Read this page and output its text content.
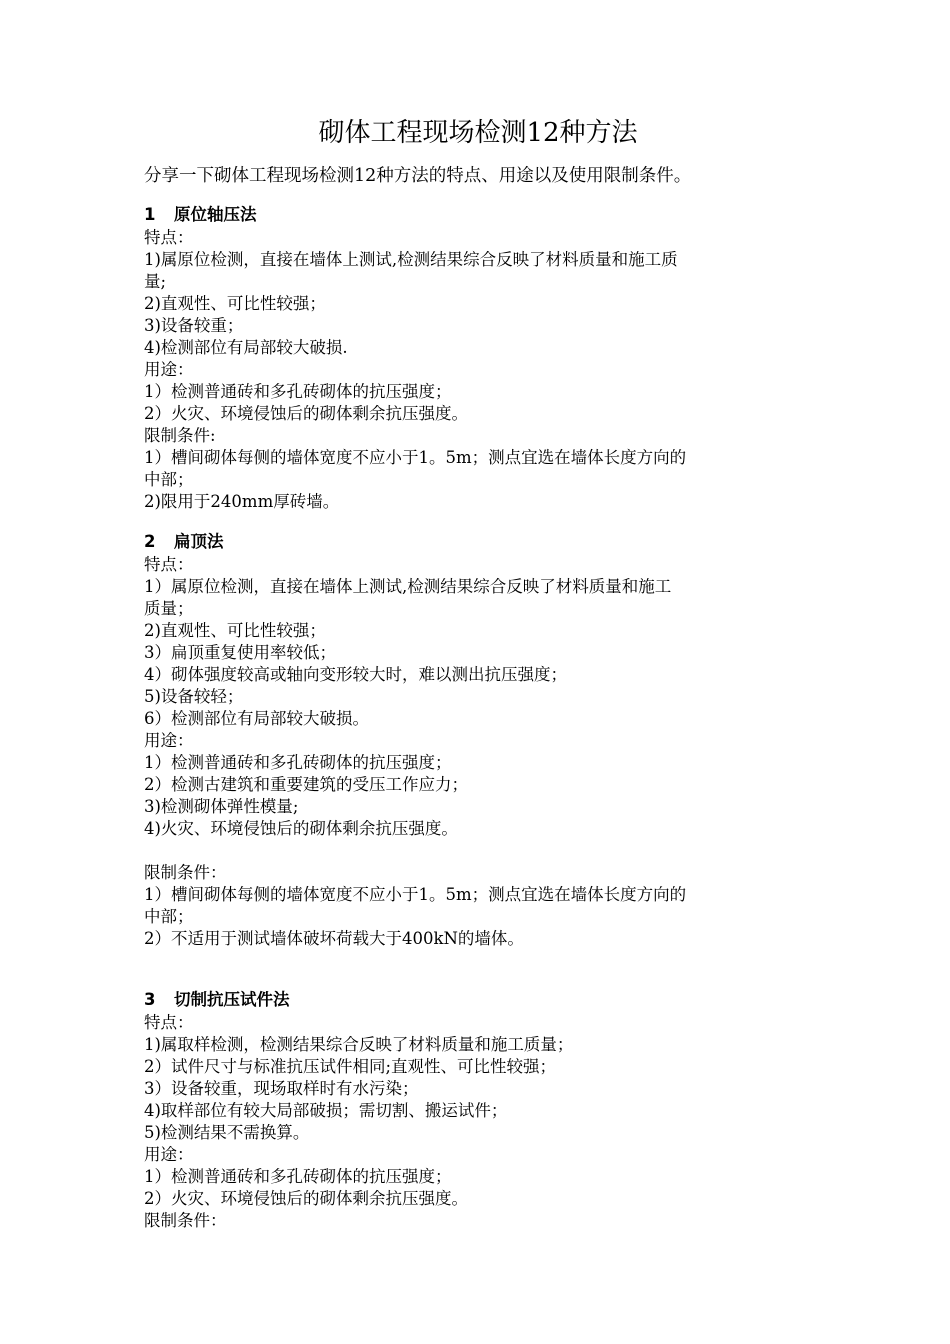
砌体工程现场检测12种方法
分享一下砌体工程现场检测12种方法的特点、用途以及使用限制条件。
1 原位轴压法
特点：
1)属原位检测，直接在墙体上测试,检测结果综合反映了材料质量和施工质
量;
2)直观性、可比性较强；
3)设备较重；
4)检测部位有局部较大破损.
用途：
1）检测普通砖和多孔砖砌体的抗压强度；
2）火灾、环境侵蚀后的砌体剩余抗压强度。
限制条件:
1）槽间砌体每侧的墙体宽度不应小于1。5m；测点宜选在墙体长度方向的
中部；
2)限用于240mm厚砖墙。
2 扁顶法
特点：
1）属原位检测，直接在墙体上测试,检测结果综合反映了材料质量和施工
质量；
2)直观性、可比性较强；
3）扁顶重复使用率较低；
4）砌体强度较高或轴向变形较大时，难以测出抗压强度；
5)设备较轻；
6）检测部位有局部较大破损。
用途：
1）检测普通砖和多孔砖砌体的抗压强度；
2）检测古建筑和重要建筑的受压工作应力；
3)检测砌体弹性模量;
4)火灾、环境侵蚀后的砌体剩余抗压强度。
限制条件：
1）槽间砌体每侧的墙体宽度不应小于1。5m；测点宜选在墙体长度方向的
中部；
2）不适用于测试墙体破坏荷载大于400kN的墙体。
3 切制抗压试件法
特点：
1)属取样检测，检测结果综合反映了材料质量和施工质量；
2）试件尺寸与标准抗压试件相同;直观性、可比性较强；
3）设备较重，现场取样时有水污染；
4)取样部位有较大局部破损；需切割、搬运试件；
5)检测结果不需换算。
用途：
1）检测普通砖和多孔砖砌体的抗压强度；
2）火灾、环境侵蚀后的砌体剩余抗压强度。
限制条件：
